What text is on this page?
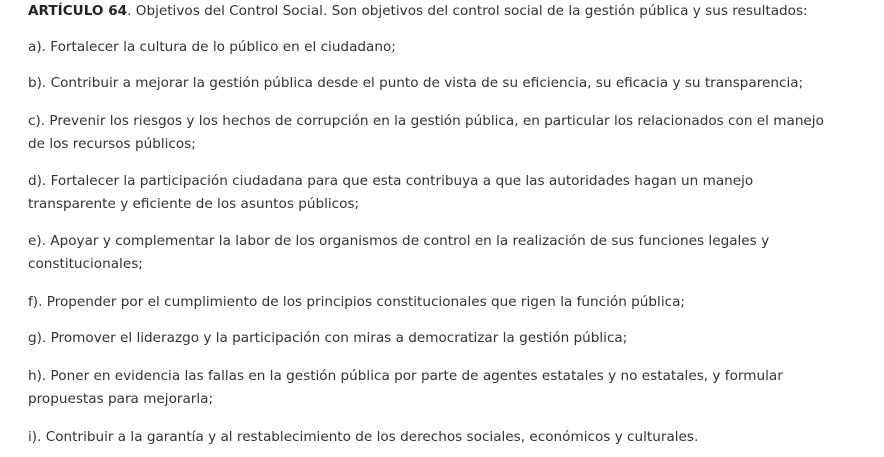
ARTÍCULO 64. Objetivos del Control Social. Son objetivos del control social de la gestión pública y sus resultados:

a). Fortalecer la cultura de lo público en el ciudadano;

b). Contribuir a mejorar la gestión pública desde el punto de vista de su eficiencia, su eficacia y su transparencia;

c). Prevenir los riesgos y los hechos de corrupción en la gestión pública, en particular los relacionados con el manejo de los recursos públicos;

d). Fortalecer la participación ciudadana para que esta contribuya a que las autoridades hagan un manejo transparente y eficiente de los asuntos públicos;

e). Apoyar y complementar la labor de los organismos de control en la realización de sus funciones legales y constitucionales;

f). Propender por el cumplimiento de los principios constitucionales que rigen la función pública;

g). Promover el liderazgo y la participación con miras a democratizar la gestión pública;

h). Poner en evidencia las fallas en la gestión pública por parte de agentes estatales y no estatales, y formular propuestas para mejorarla;

i). Contribuir a la garantía y al restablecimiento de los derechos sociales, económicos y culturales.
